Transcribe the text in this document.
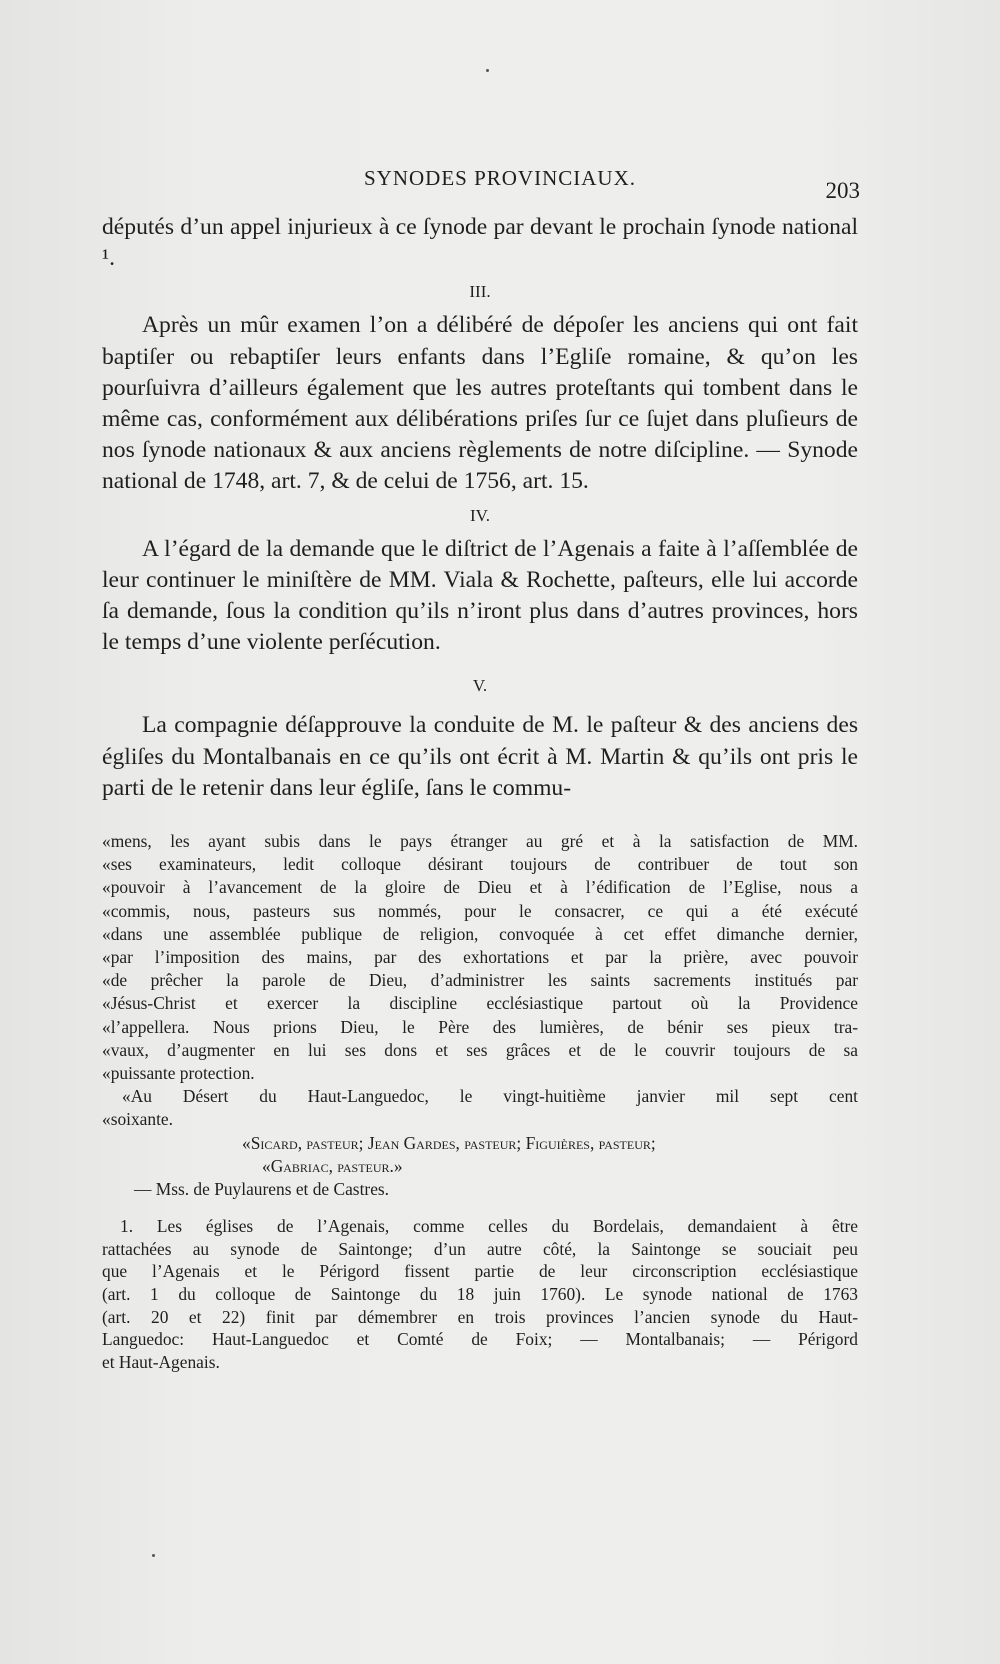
SYNODES PROVINCIAUX.	203

députés d’un appel injurieux à ce ſynode par devant le prochain ſynode national ¹.

III.

Après un mûr examen l’on a délibéré de dépoſer les anciens qui ont fait baptiſer ou rebaptiſer leurs enfants dans l’Egliſe romaine, & qu’on les pourſuivra d’ailleurs également que les autres proteſtants qui tombent dans le même cas, conformément aux délibérations priſes ſur ce ſujet dans pluſieurs de nos ſynode nationaux & aux anciens règlements de notre diſcipline. — Synode national de 1748, art. 7, & de celui de 1756, art. 15.

IV.

A l’égard de la demande que le diſtrict de l’Agenais a faite à l’aſſemblée de leur continuer le miniſtère de MM. Viala & Rochette, paſteurs, elle lui accorde ſa demande, ſous la condition qu’ils n’iront plus dans d’autres provinces, hors le temps d’une violente perſécution.

V.

La compagnie déſapprouve la conduite de M. le paſteur & des anciens des égliſes du Montalbanais en ce qu’ils ont écrit à M. Martin & qu’ils ont pris le parti de le retenir dans leur égliſe, ſans le commu-

«mens, les ayant subis dans le pays étranger au gré et à la satisfaction de MM.
«ses examinateurs, ledit colloque désirant toujours de contribuer de tout son
«pouvoir à l’avancement de la gloire de Dieu et à l’édification de l’Eglise, nous a
«commis, nous, pasteurs sus nommés, pour le consacrer, ce qui a été exécuté
«dans une assemblée publique de religion, convoquée à cet effet dimanche dernier,
«par l’imposition des mains, par des exhortations et par la prière, avec pouvoir
«de prêcher la parole de Dieu, d’administrer les saints sacrements institués par
«Jésus-Christ et exercer la discipline ecclésiastique partout où la Providence
«l’appellera. Nous prions Dieu, le Père des lumières, de bénir ses pieux tra-
«vaux, d’augmenter en lui ses dons et ses grâces et de le couvrir toujours de sa
«puissante protection.
«Au Désert du Haut-Languedoc, le vingt-huitième janvier mil sept cent
«soixante.
«Sicard, pasteur; Jean Gardes, pasteur; Figuières, pasteur;
«Gabriac, pasteur.»
— Mss. de Puylaurens et de Castres.
1. Les églises de l’Agenais, comme celles du Bordelais, demandaient à être
rattachées au synode de Saintonge; d’un autre côté, la Saintonge se souciait peu
que l’Agenais et le Périgord fissent partie de leur circonscription ecclésiastique
(art. 1 du colloque de Saintonge du 18 juin 1760). Le synode national de 1763
(art. 20 et 22) finit par démembrer en trois provinces l’ancien synode du Haut-
Languedoc: Haut-Languedoc et Comté de Foix; — Montalbanais; — Périgord
et Haut-Agenais.
